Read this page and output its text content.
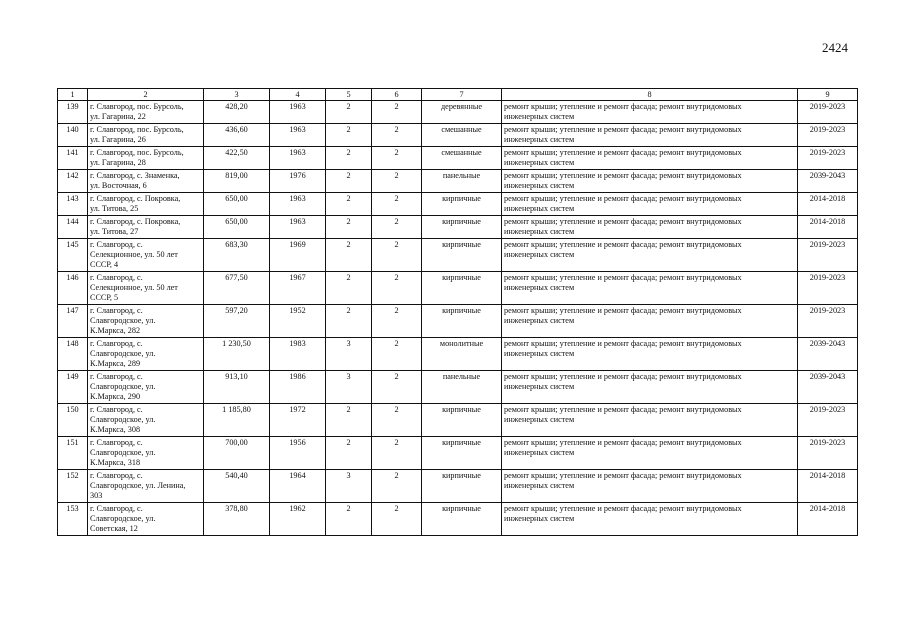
2424
1	2	3	4	5	6	7	8	9
139	г. Славгород, пос. Бурсоль,
ул. Гагарина, 22	428,20	1963	2	2	деревянные	ремонт крыши; утепление и ремонт фасада; ремонт внутридомовых
инженерных систем	2019-2023
140	г. Славгород, пос. Бурсоль,
ул. Гагарина, 26	436,60	1963	2	2	смешанные	ремонт крыши; утепление и ремонт фасада; ремонт внутридомовых
инженерных систем	2019-2023
141	г. Славгород, пос. Бурсоль,
ул. Гагарина, 28	422,50	1963	2	2	смешанные	ремонт крыши; утепление и ремонт фасада; ремонт внутридомовых
инженерных систем	2019-2023
142	г. Славгород, с. Знаменка,
ул. Восточная, 6	819,00	1976	2	2	панельные	ремонт крыши; утепление и ремонт фасада; ремонт внутридомовых
инженерных систем	2039-2043
143	г. Славгород, с. Покровка,
ул. Титова, 25	650,00	1963	2	2	кирпичные	ремонт крыши; утепление и ремонт фасада; ремонт внутридомовых
инженерных систем	2014-2018
144	г. Славгород, с. Покровка,
ул. Титова, 27	650,00	1963	2	2	кирпичные	ремонт крыши; утепление и ремонт фасада; ремонт внутридомовых
инженерных систем	2014-2018
145	г. Славгород, с.
Селекционное, ул. 50 лет
СССР, 4	683,30	1969	2	2	кирпичные	ремонт крыши; утепление и ремонт фасада; ремонт внутридомовых
инженерных систем	2019-2023
146	г. Славгород, с.
Селекционное, ул. 50 лет
СССР, 5	677,50	1967	2	2	кирпичные	ремонт крыши; утепление и ремонт фасада; ремонт внутридомовых
инженерных систем	2019-2023
147	г. Славгород, с.
Славгородское, ул.
К.Маркса, 282	597,20	1952	2	2	кирпичные	ремонт крыши; утепление и ремонт фасада; ремонт внутридомовых
инженерных систем	2019-2023
148	г. Славгород, с.
Славгородское, ул.
К.Маркса, 289	1 230,50	1983	3	2	монолитные	ремонт крыши; утепление и ремонт фасада; ремонт внутридомовых
инженерных систем	2039-2043
149	г. Славгород, с.
Славгородское, ул.
К.Маркса, 290	913,10	1986	3	2	панельные	ремонт крыши; утепление и ремонт фасада; ремонт внутридомовых
инженерных систем	2039-2043
150	г. Славгород, с.
Славгородское, ул.
К.Маркса, 308	1 185,80	1972	2	2	кирпичные	ремонт крыши; утепление и ремонт фасада; ремонт внутридомовых
инженерных систем	2019-2023
151	г. Славгород, с.
Славгородское, ул.
К.Маркса, 318	700,00	1956	2	2	кирпичные	ремонт крыши; утепление и ремонт фасада; ремонт внутридомовых
инженерных систем	2019-2023
152	г. Славгород, с.
Славгородское, ул. Ленина,
303	540,40	1964	3	2	кирпичные	ремонт крыши; утепление и ремонт фасада; ремонт внутридомовых
инженерных систем	2014-2018
153	г. Славгород, с.
Славгородское, ул.
Советская, 12	378,80	1962	2	2	кирпичные	ремонт крыши; утепление и ремонт фасада; ремонт внутридомовых
инженерных систем	2014-2018
